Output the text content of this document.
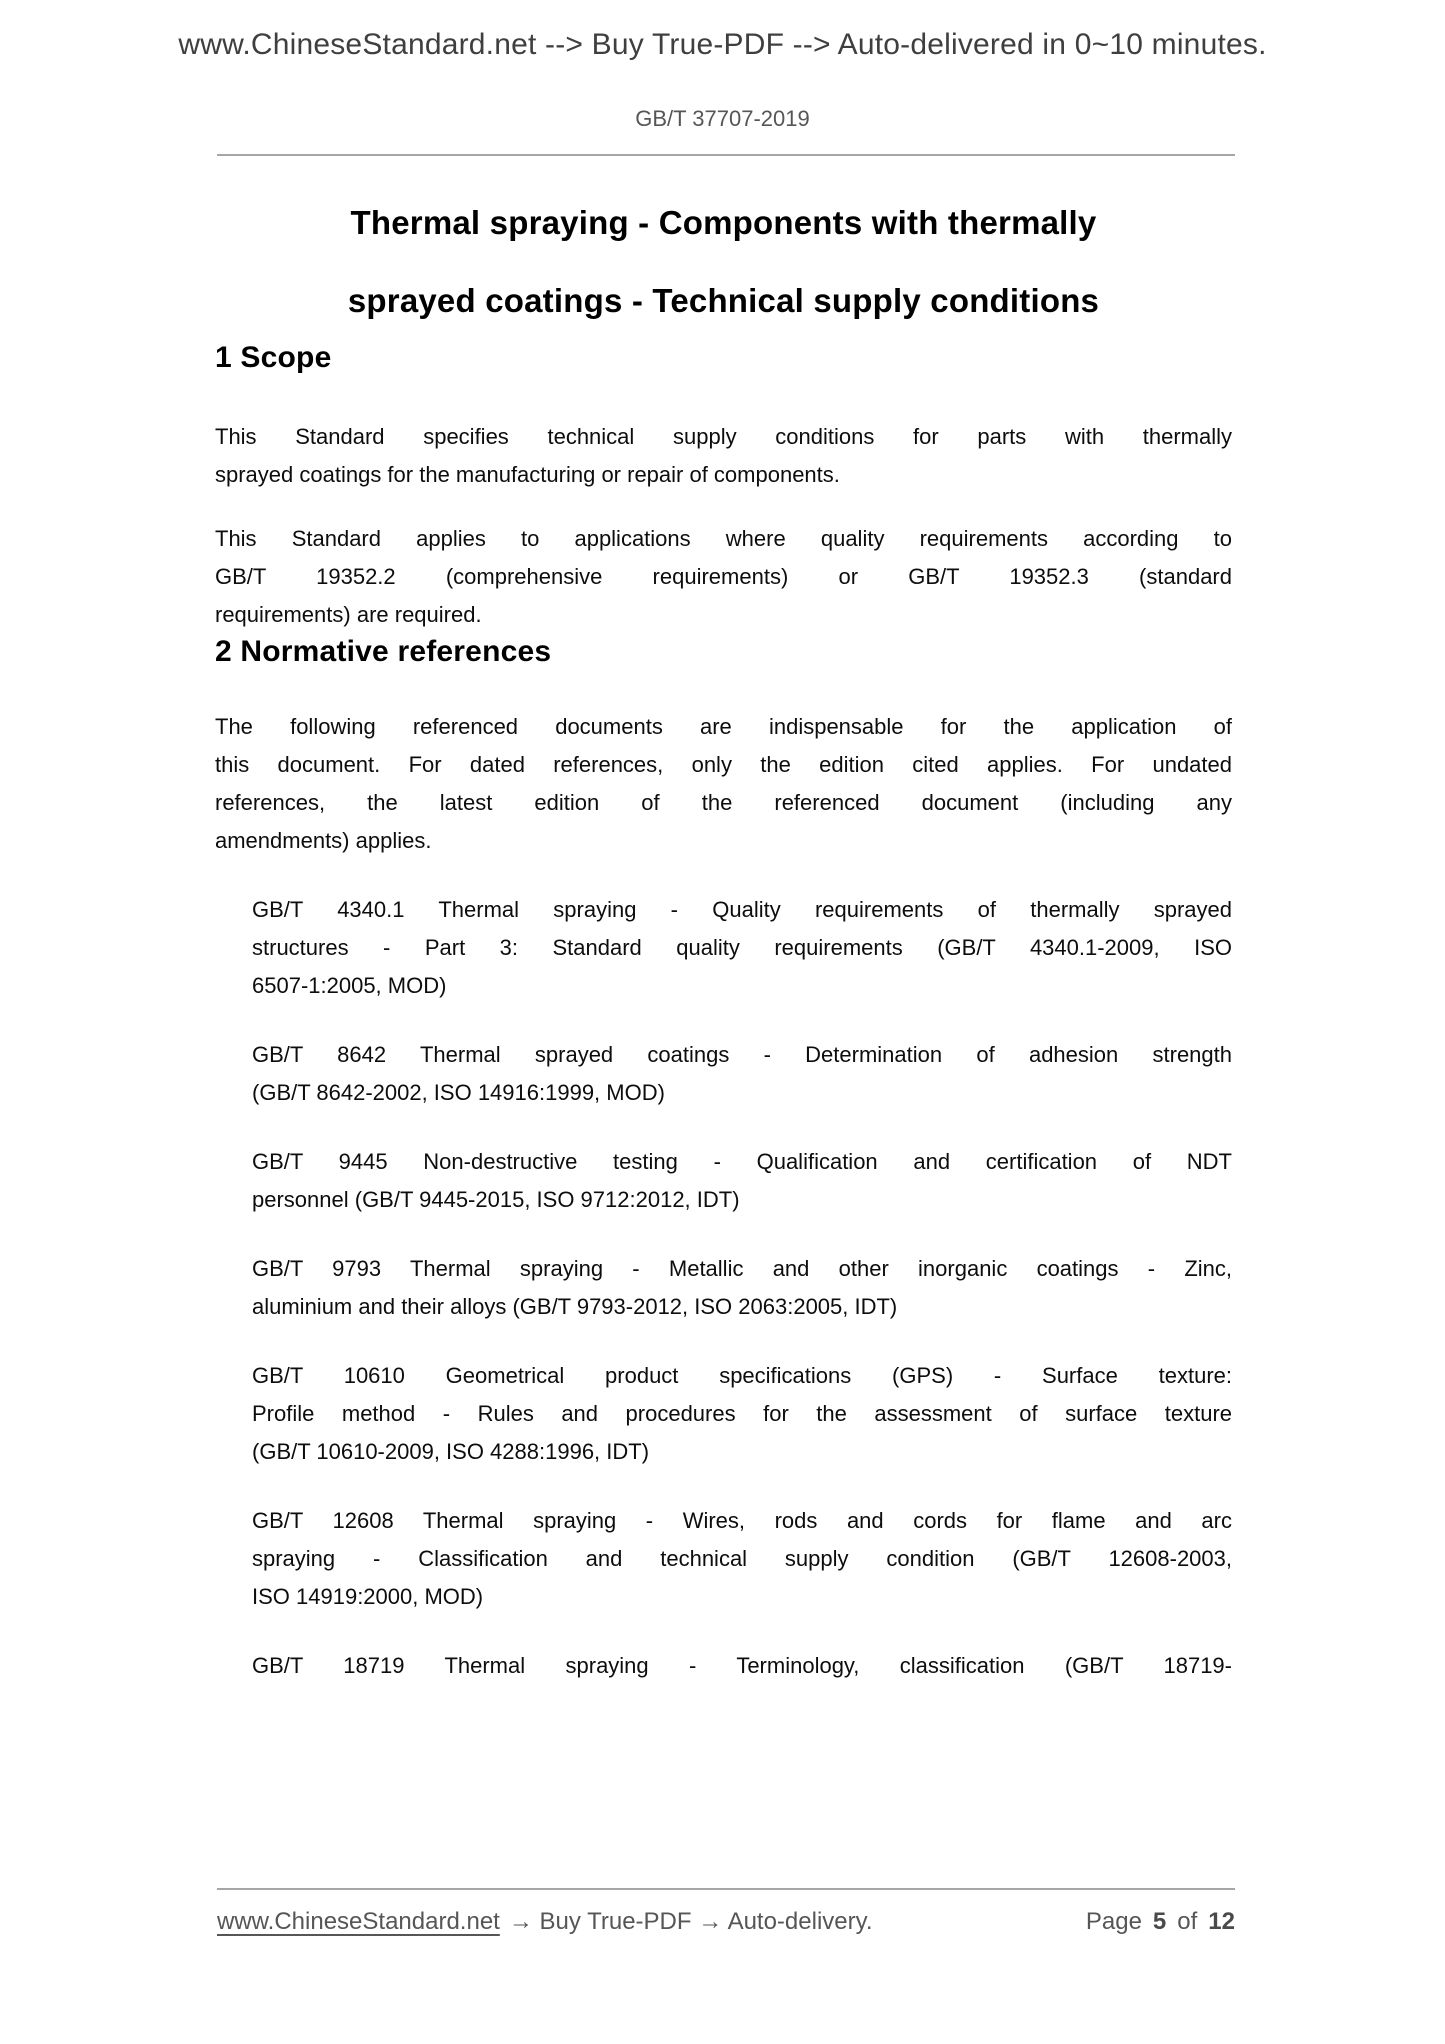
www.ChineseStandard.net --> Buy True-PDF --> Auto-delivered in 0~10 minutes.
GB/T 37707-2019
Thermal spraying - Components with thermally
sprayed coatings - Technical supply conditions
1 Scope
This Standard specifies technical supply conditions for parts with thermally
sprayed coatings for the manufacturing or repair of components.
This Standard applies to applications where quality requirements according to
GB/T 19352.2 (comprehensive requirements) or GB/T 19352.3 (standard
requirements) are required.
2 Normative references
The following referenced documents are indispensable for the application of
this document. For dated references, only the edition cited applies. For undated
references, the latest edition of the referenced document (including any
amendments) applies.
GB/T 4340.1 Thermal spraying - Quality requirements of thermally sprayed
structures - Part 3: Standard quality requirements (GB/T 4340.1-2009, ISO
6507-1:2005, MOD)
GB/T 8642 Thermal sprayed coatings - Determination of adhesion strength
(GB/T 8642-2002, ISO 14916:1999, MOD)
GB/T 9445 Non-destructive testing - Qualification and certification of NDT
personnel (GB/T 9445-2015, ISO 9712:2012, IDT)
GB/T 9793 Thermal spraying - Metallic and other inorganic coatings - Zinc,
aluminium and their alloys (GB/T 9793-2012, ISO 2063:2005, IDT)
GB/T 10610 Geometrical product specifications (GPS) - Surface texture:
Profile method - Rules and procedures for the assessment of surface texture
(GB/T 10610-2009, ISO 4288:1996, IDT)
GB/T 12608 Thermal spraying - Wires, rods and cords for flame and arc
spraying - Classification and technical supply condition (GB/T 12608-2003,
ISO 14919:2000, MOD)
GB/T 18719 Thermal spraying - Terminology, classification (GB/T 18719-
www.ChineseStandard.net → Buy True-PDF → Auto-delivery.	Page 5 of 12
